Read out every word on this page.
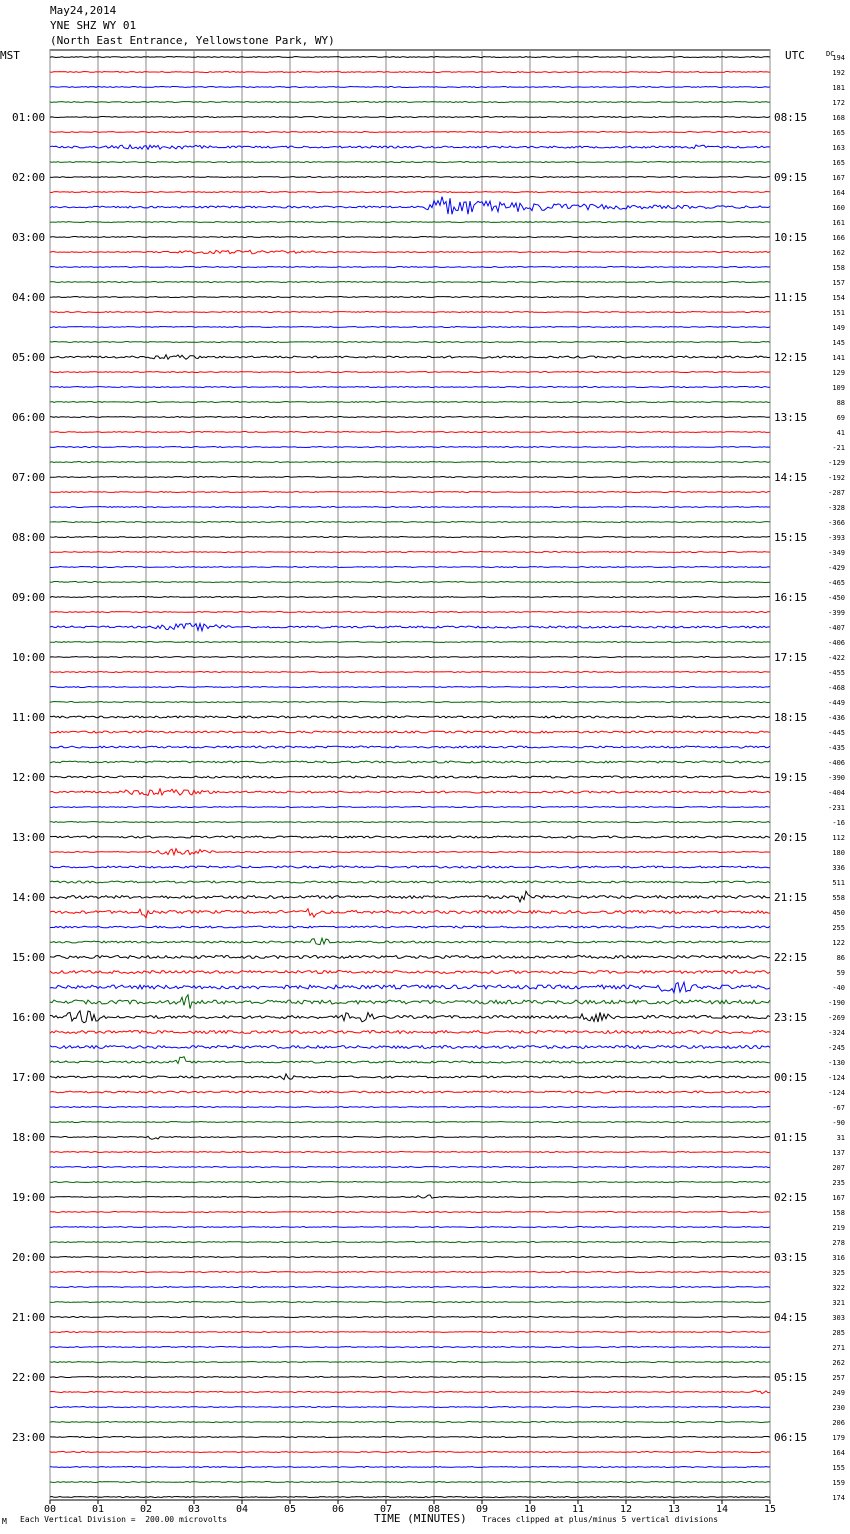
May24,2014
YNE SHZ WY 01
(North East Entrance, Yellowstone Park, WY)
MST	UTC	DC
00	01	02	03	04	05	06	07	08	09	10	11	12	13	14	15
194
192
181
172
168
01:00	08:15
165
163
165
167
02:00	09:15
164
160
161
166
03:00	10:15
162
158
157
154
04:00	11:15
151
149
145
141
05:00	12:15
129
109
88
69
06:00	13:15
41
-21
-129
-192
07:00	14:15
-287
-328
-366
-393
08:00	15:15
-349
-429
-465
-450
09:00	16:15
-399
-407
-406
-422
10:00	17:15
-455
-468
-449
-436
11:00	18:15
-445
-435
-406
-390
12:00	19:15
-404
-231
-16
112
13:00	20:15
180
336
511
558
14:00	21:15
450
255
122
86
15:00	22:15
59
-40
-190
-269
16:00	23:15
-324
-245
-130
-124
17:00	00:15
-124
-67
-90
31
18:00	01:15
137
207
235
167
19:00	02:15
158
219
278
316
20:00	03:15
325
322
321
303
21:00	04:15
285
271
262
257
22:00	05:15
249
230
206
179
23:00	06:15
164
155
159
174
M Each Vertical Division =  200.00 microvolts	TIME (MINUTES) Traces clipped at plus/minus 5 vertical divisions
